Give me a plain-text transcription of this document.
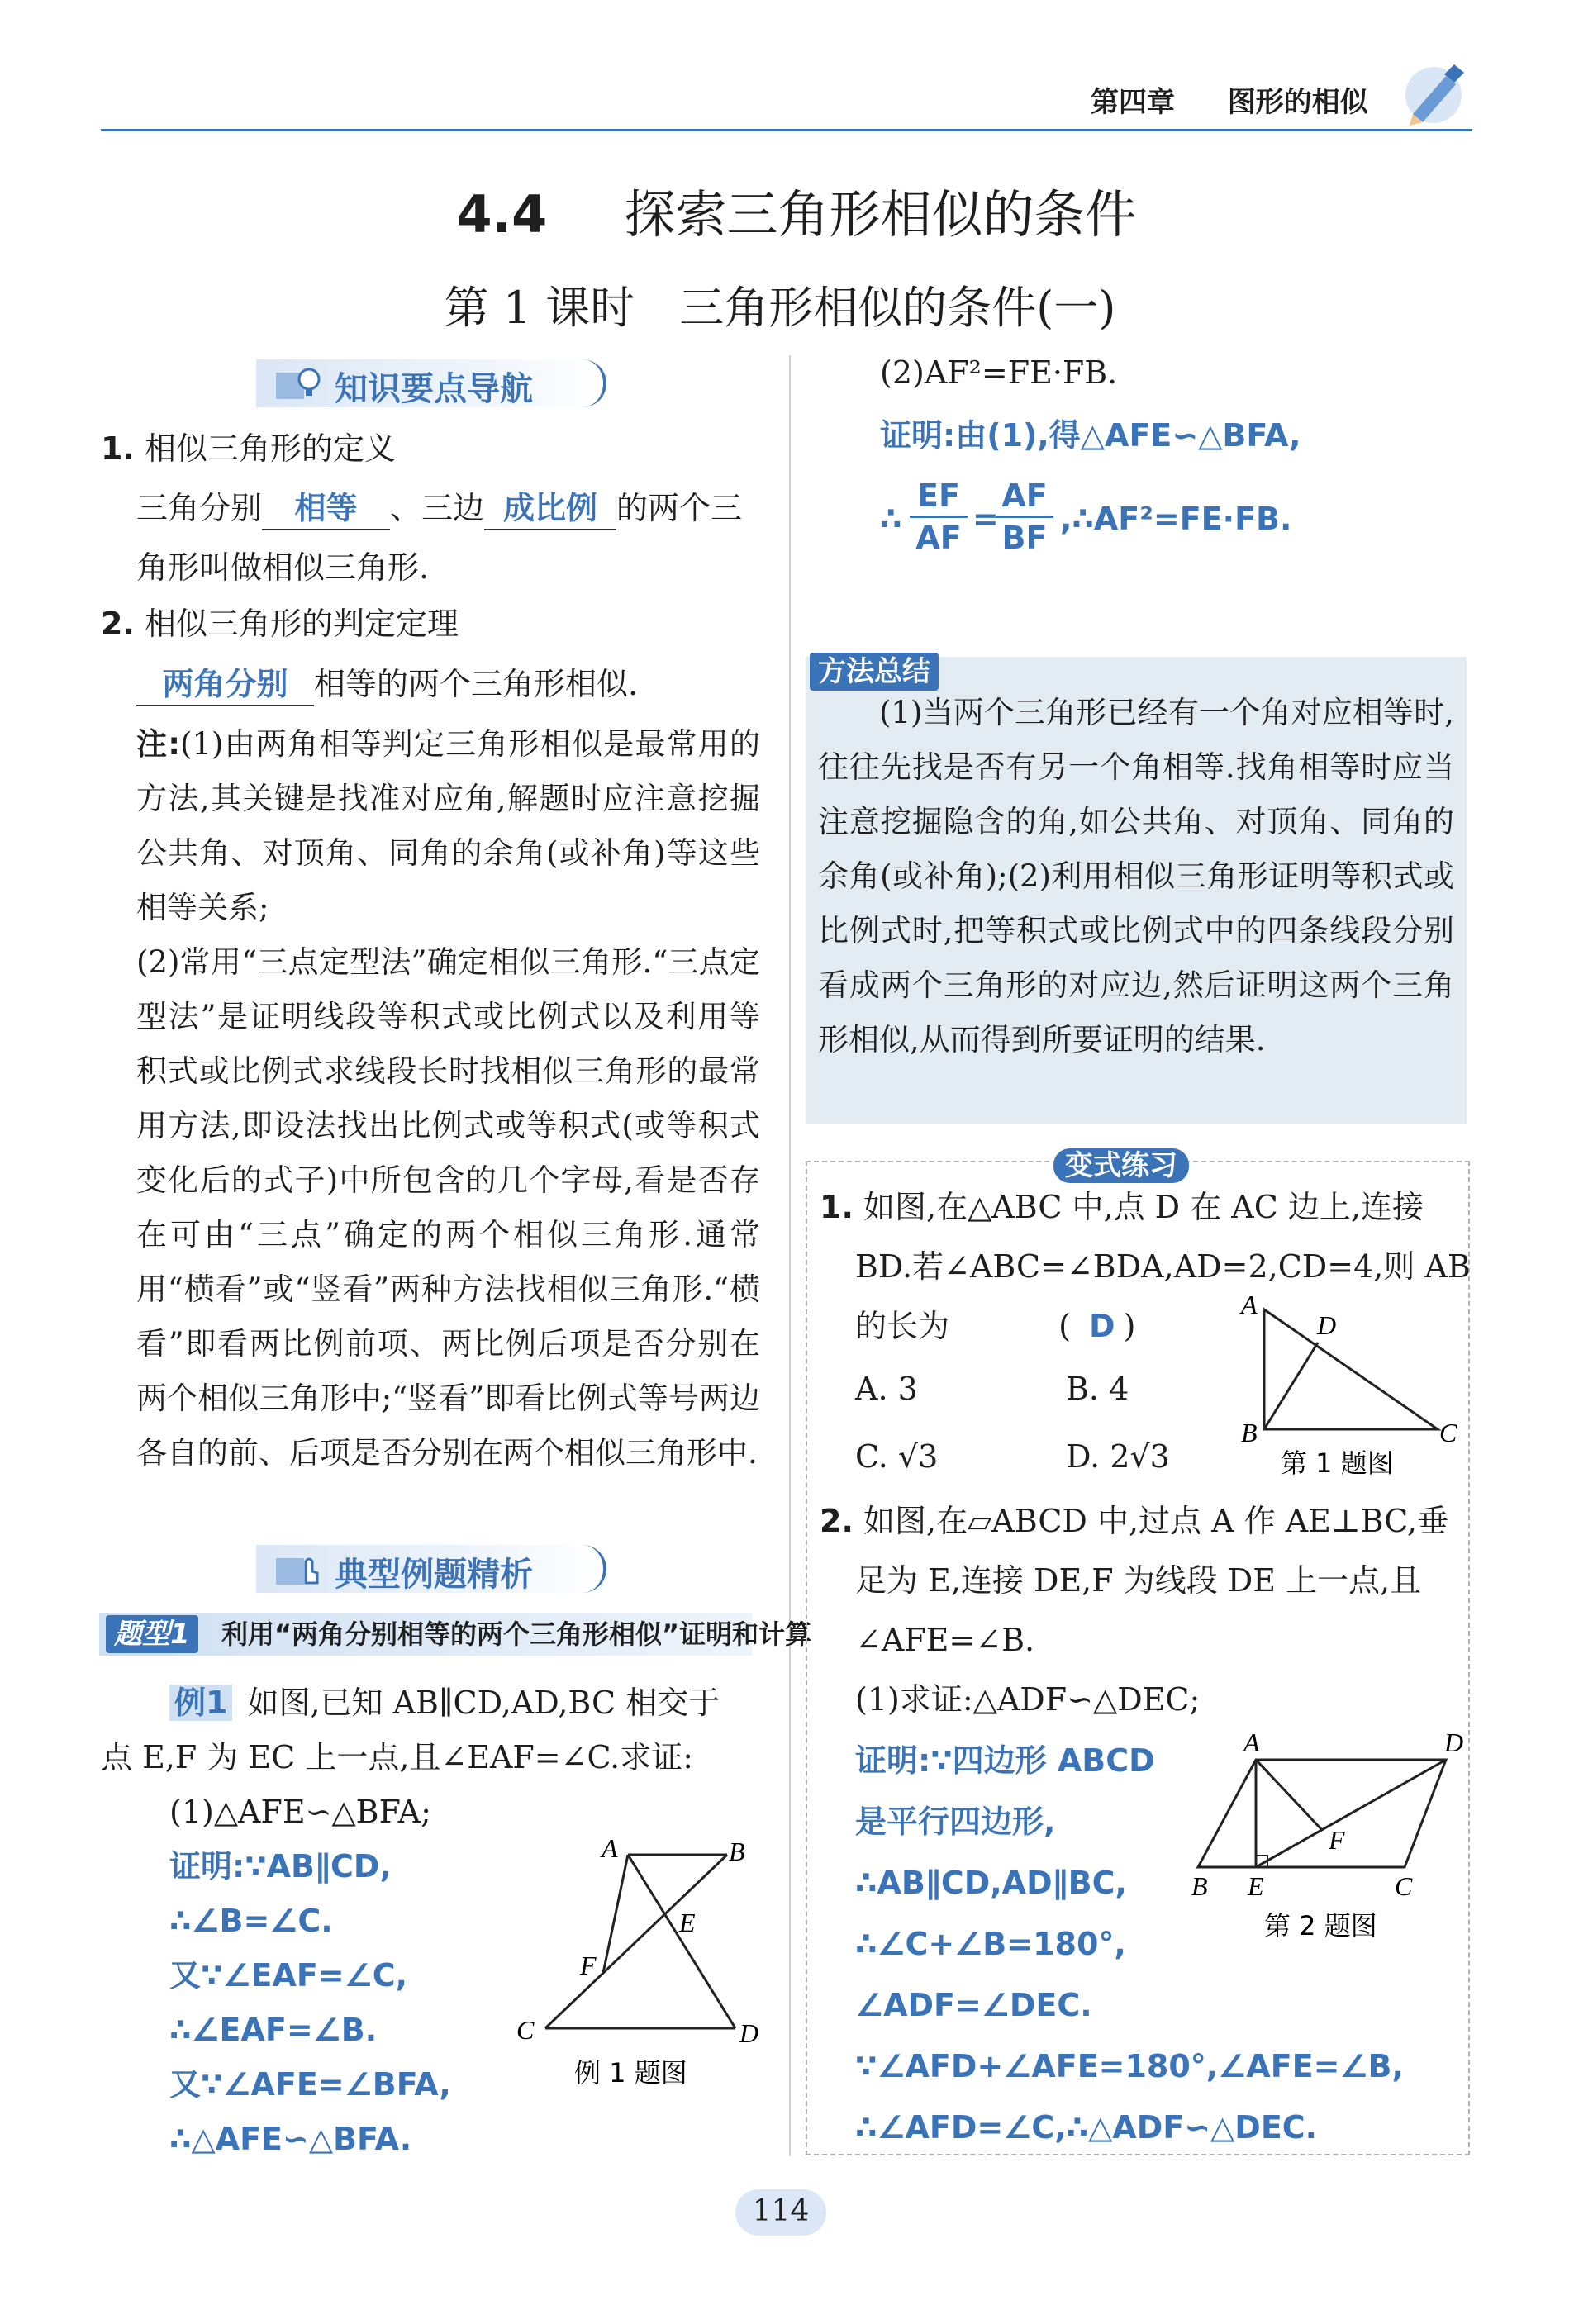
第四章 图形的相似
4.4 探索三角形相似的条件
第 1 课时　三角形相似的条件(一)
知识要点导航
1. 相似三角形的定义
三角分别 相等 、三边 成比例 的两个三
角形叫做相似三角形.
2. 相似三角形的判定定理
两角分别 相等的两个三角形相似.
注:(1)由两角相等判定三角形相似是最常用的方法,其关键是找准对应角,解题时应注意挖掘公共角、对顶角、同角的余角(或补角)等这些相等关系;
(2)常用“三点定型法”确定相似三角形.“三点定型法”是证明线段等积式或比例式以及利用等积式或比例式求线段长时找相似三角形的最常用方法,即设法找出比例式或等积式(或等积式变化后的式子)中所包含的几个字母,看是否存在可由“三点”确定的两个相似三角形.通常用“横看”或“竖看”两种方法找相似三角形.“横看”即看两比例前项、两比例后项是否分别在两个相似三角形中;“竖看”即看比例式等号两边各自的前、后项是否分别在两个相似三角形中.
典型例题精析
题型1	利用“两角分别相等的两个三角形相似”证明和计算
例1 如图,已知 AB∥CD,AD,BC 相交于
点 E,F 为 EC 上一点,且∠EAF=∠C.求证:
(1)△AFE∽△BFA;
证明:∵AB∥CD,
∴∠B=∠C.
又∵∠EAF=∠C,
∴∠EAF=∠B.
又∵∠AFE=∠BFA,
∴△AFE∽△BFA.
A	B
E
F
C	D
例 1 题图
(2)AF²=FE·FB.
证明:由(1),得△AFE∽△BFA,
∴
EF
AF
=
AF
BF
,∴AF²=FE·FB.
方法总结
(1)当两个三角形已经有一个角对应相等时,往往先找是否有另一个角相等.找角相等时应当注意挖掘隐含的角,如公共角、对顶角、同角的余角(或补角);(2)利用相似三角形证明等积式或比例式时,把等积式或比例式中的四条线段分别看成两个三角形的对应边,然后证明这两个三角形相似,从而得到所要证明的结果.
变式练习
1. 如图,在△ABC 中,点 D 在 AC 边上,连接
BD.若∠ABC=∠BDA,AD=2,CD=4,则 AB
的长为	( D )
A. 3	B. 4
C. √3	D. 2√3
A
D
B	C
第 1 题图
2. 如图,在▱ABCD 中,过点 A 作 AE⊥BC,垂
足为 E,连接 DE,F 为线段 DE 上一点,且
∠AFE=∠B.
(1)求证:△ADF∽△DEC;
证明:∵四边形 ABCD
是平行四边形,
∴AB∥CD,AD∥BC,
∴∠C+∠B=180°,
∠ADF=∠DEC.
∵∠AFD+∠AFE=180°,∠AFE=∠B,
∴∠AFD=∠C,∴△ADF∽△DEC.
A	D
F
B E	C
第 2 题图
114
